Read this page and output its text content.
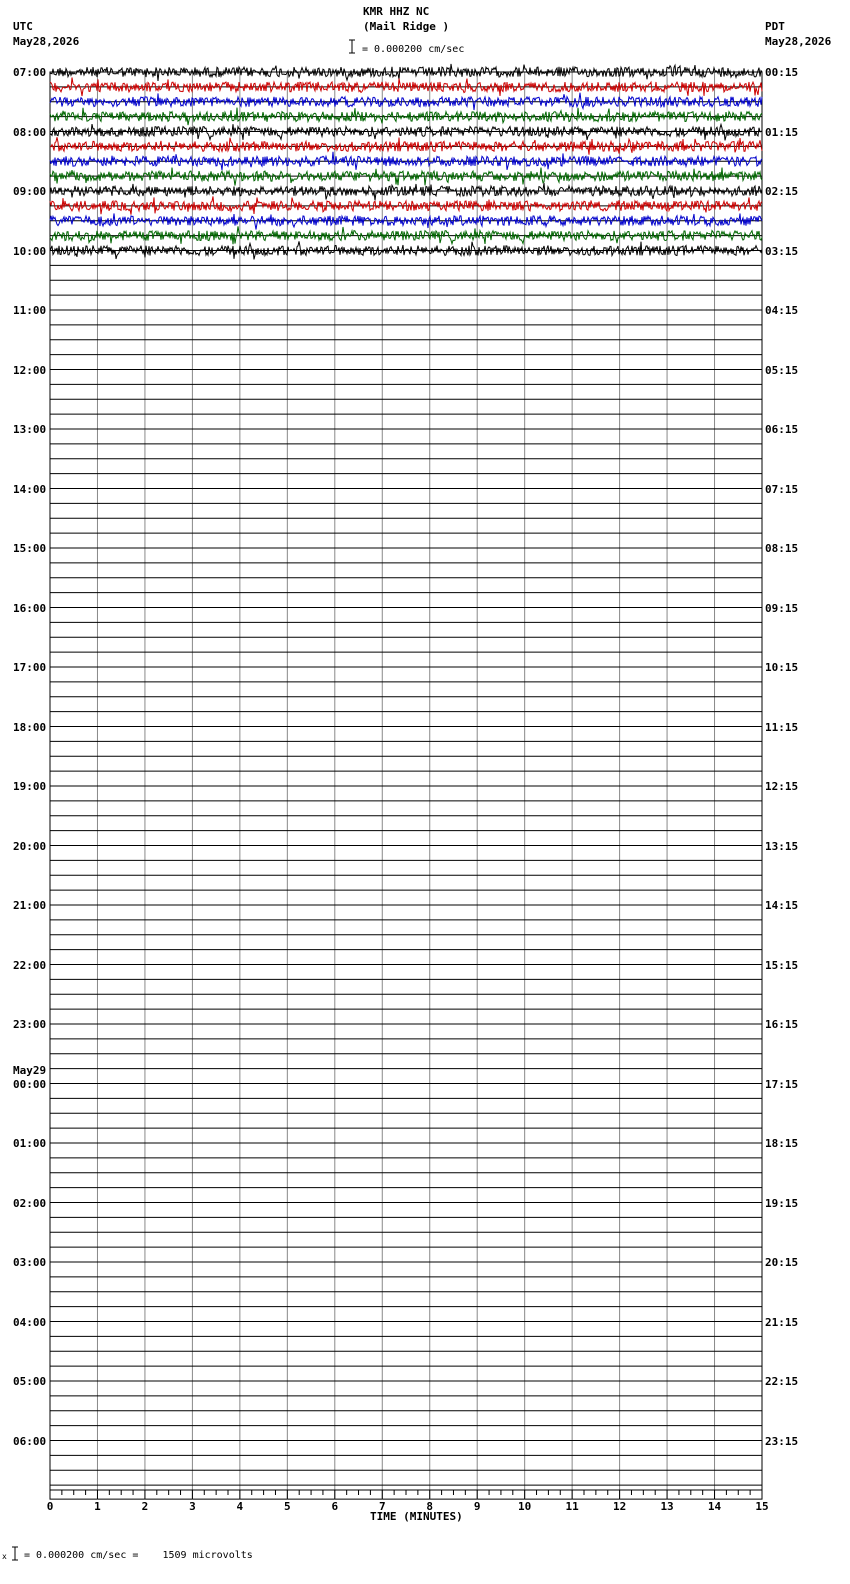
KMR HHZ NC
(Mail Ridge )
= 0.000200 cm/sec
UTC
May28,2026
PDT
May28,2026
07:00
08:00
09:00
10:00
11:00
12:00
13:00
14:00
15:00
16:00
17:00
18:00
19:00
20:00
21:00
22:00
23:00
00:00
May29
01:00
02:00
03:00
04:00
05:00
06:00
00:15
01:15
02:15
03:15
04:15
05:15
06:15
07:15
08:15
09:15
10:15
11:15
12:15
13:15
14:15
15:15
16:15
17:15
18:15
19:15
20:15
21:15
22:15
23:15
0	1	2	3	4	5	6	7	8	9	10	11	12	13	14	15
x
TIME (MINUTES)
= 0.000200 cm/sec =    1509 microvolts
